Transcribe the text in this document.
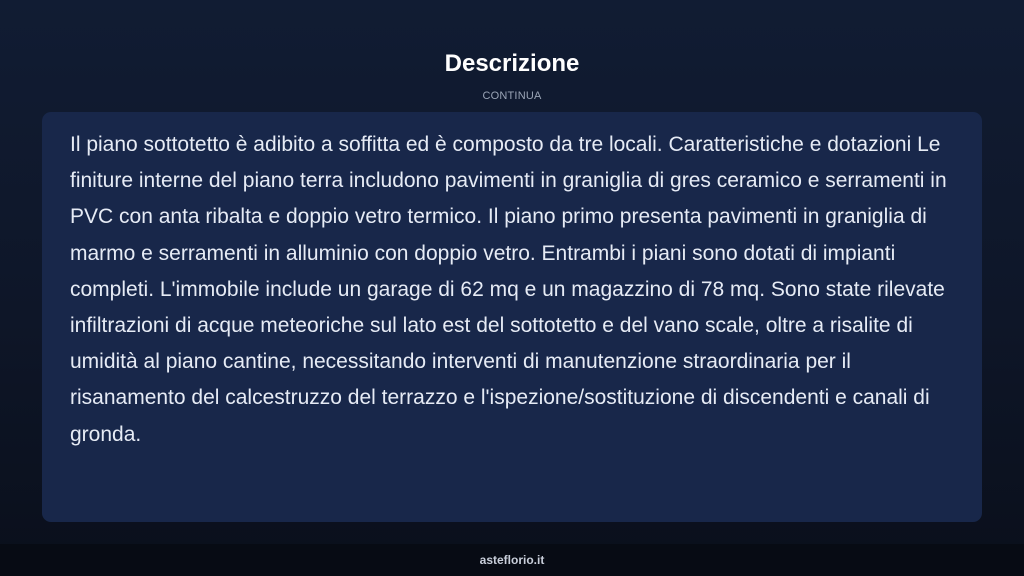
Descrizione
CONTINUA

Il piano sottotetto è adibito a soffitta ed è composto da tre locali. Caratteristiche e dotazioni Le finiture interne del piano terra includono pavimenti in graniglia di gres ceramico e serramenti in PVC con anta ribalta e doppio vetro termico. Il piano primo presenta pavimenti in graniglia di marmo e serramenti in alluminio con doppio vetro. Entrambi i piani sono dotati di impianti completi. L'immobile include un garage di 62 mq e un magazzino di 78 mq. Sono state rilevate infiltrazioni di acque meteoriche sul lato est del sottotetto e del vano scale, oltre a risalite di umidità al piano cantine, necessitando interventi di manutenzione straordinaria per il risanamento del calcestruzzo del terrazzo e l'ispezione/sostituzione di discendenti e canali di gronda.

asteflorio.it
